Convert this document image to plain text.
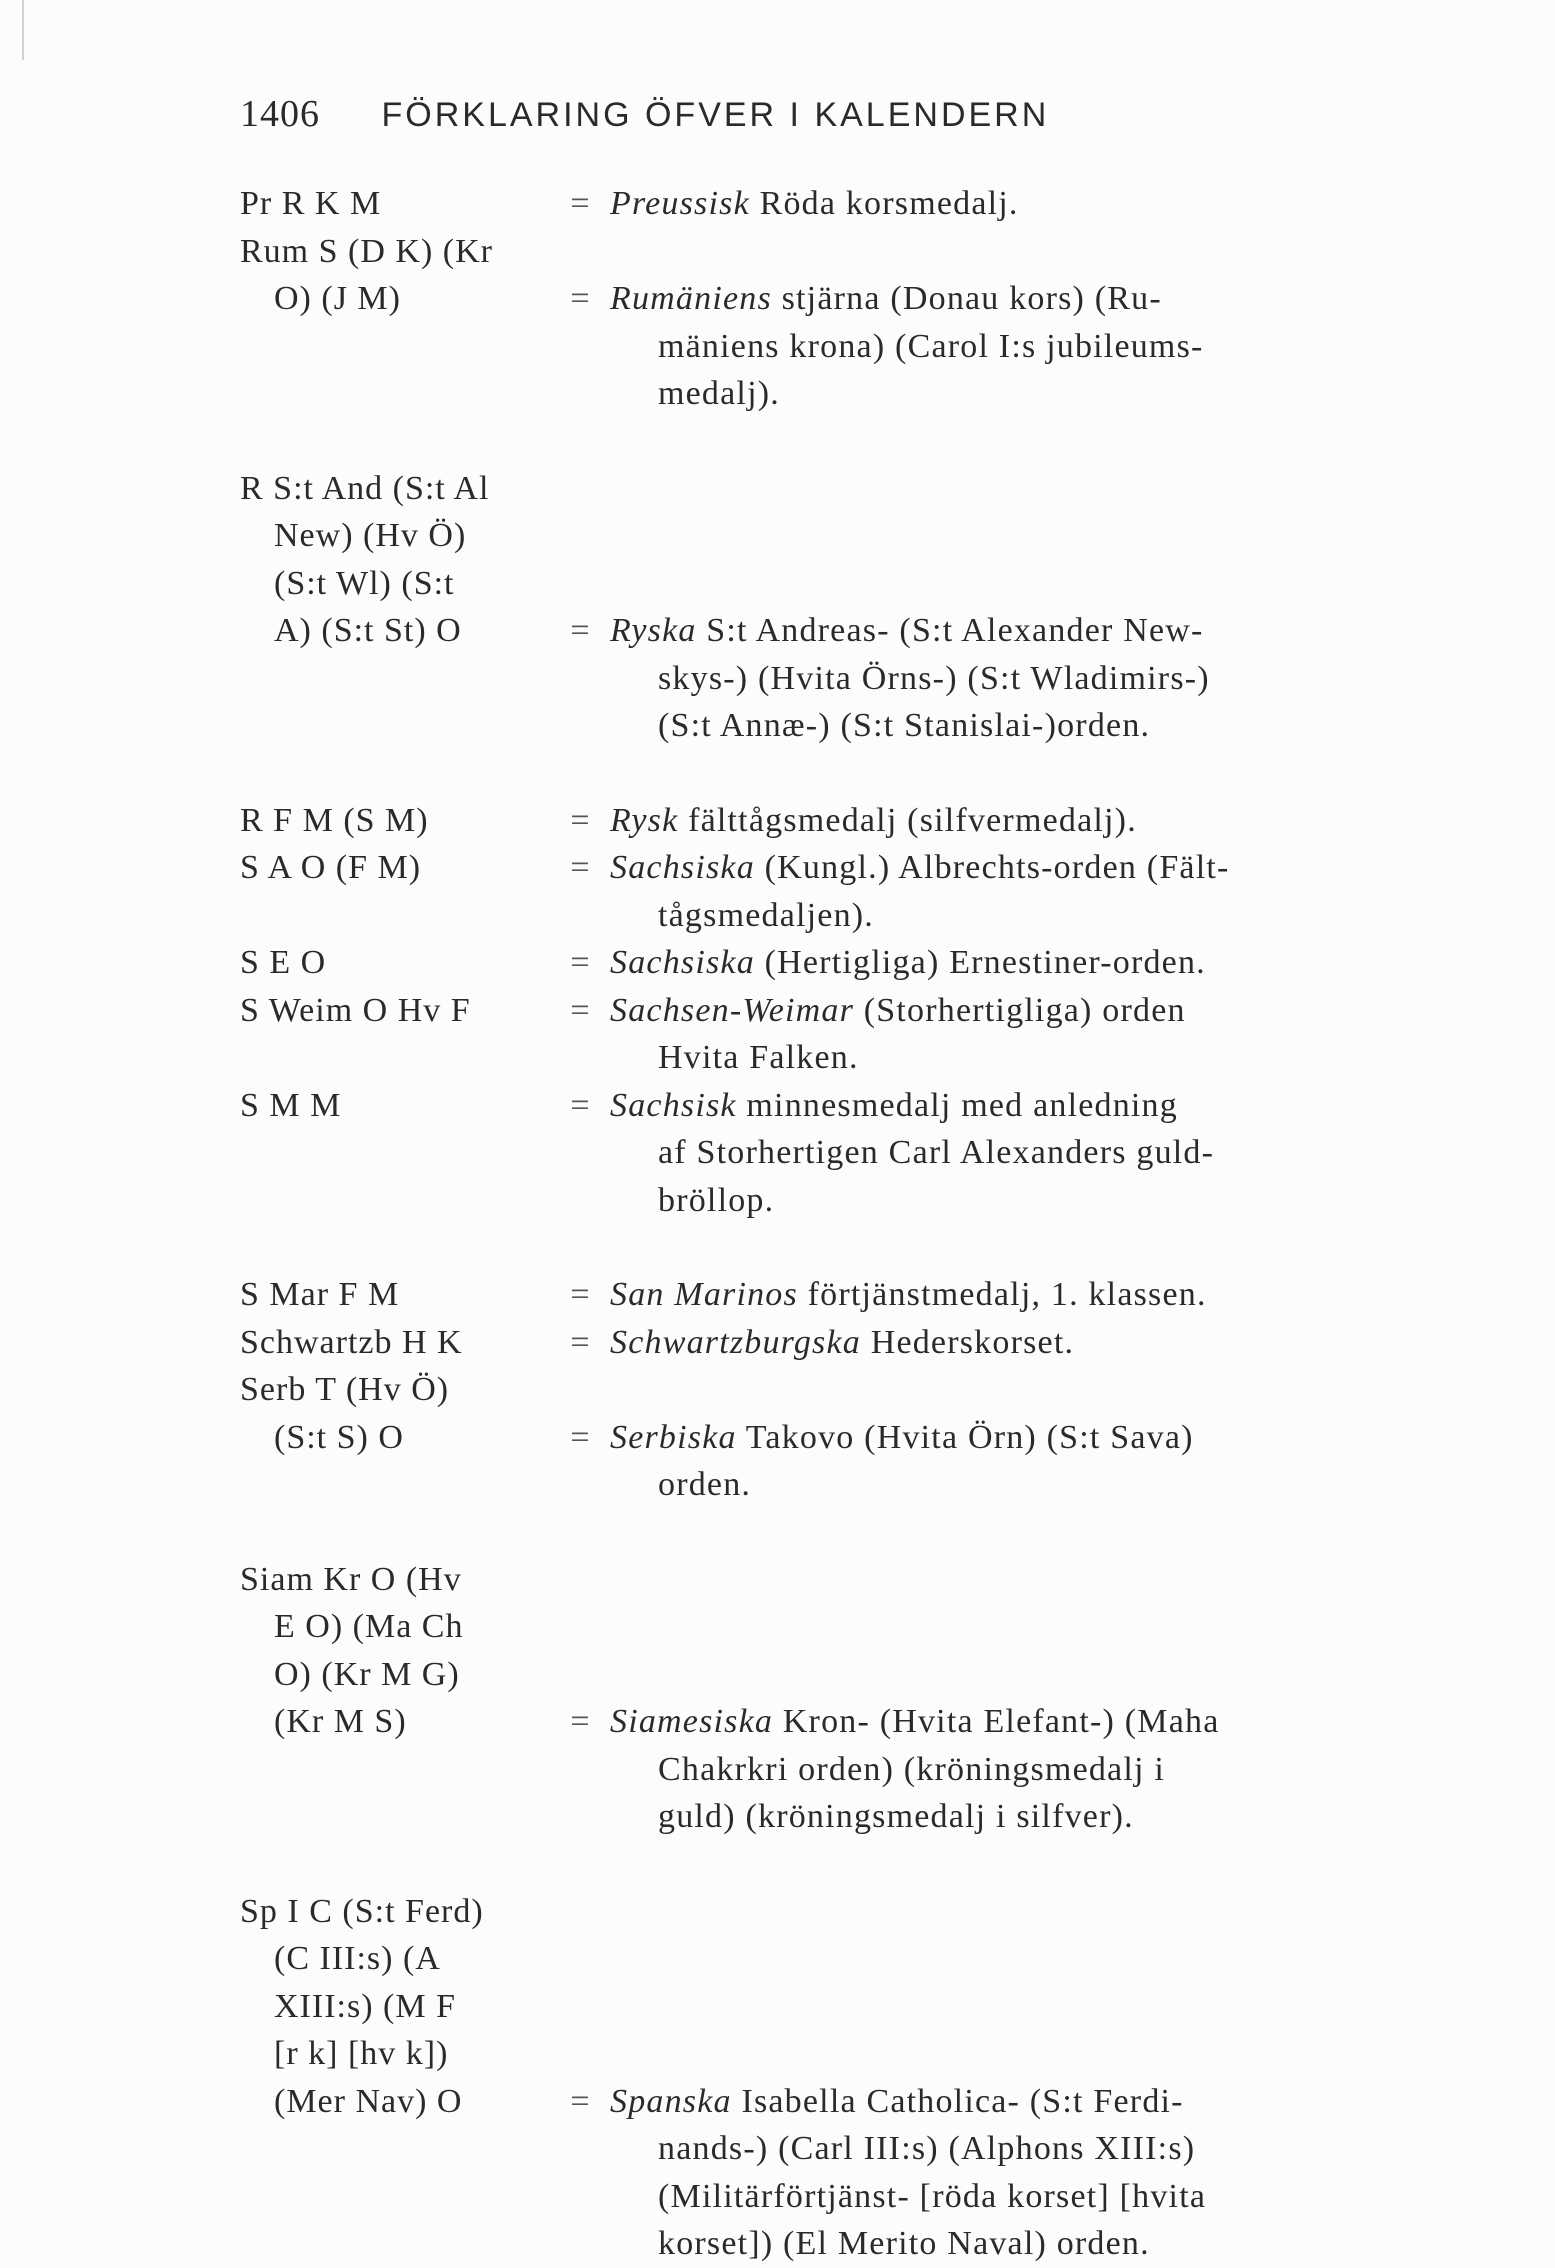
1406 FÖRKLARING ÖFVER I KALENDERN
Pr R K M	= Preussisk Röda korsmedalj.
Rum S (D K) (Kr
O) (J M)	= Rumäniens stjärna (Donau kors) (Ru-
mäniens krona) (Carol I:s jubileums-
medalj).
R S:t And (S:t Al
New) (Hv Ö)
(S:t Wl) (S:t
A) (S:t St) O	= Ryska S:t Andreas- (S:t Alexander New-
skys-) (Hvita Örns-) (S:t Wladimirs-)
(S:t Annæ-) (S:t Stanislai-)orden.
R F M (S M)	= Rysk fälttågsmedalj (silfvermedalj).
S A O (F M)	= Sachsiska (Kungl.) Albrechts-orden (Fält-
tågsmedaljen).
S E O	= Sachsiska (Hertigliga) Ernestiner-orden.
S Weim O Hv F	= Sachsen-Weimar (Storhertigliga) orden
Hvita Falken.
S M M	= Sachsisk minnesmedalj med anledning
af Storhertigen Carl Alexanders guld-
bröllop.
S Mar F M	= San Marinos förtjänstmedalj, 1. klassen.
Schwartzb H K	= Schwartzburgska Hederskorset.
Serb T (Hv Ö)
(S:t S) O	= Serbiska Takovo (Hvita Örn) (S:t Sava)
orden.
Siam Kr O (Hv
E O) (Ma Ch
O) (Kr M G)
(Kr M S)	= Siamesiska Kron- (Hvita Elefant-) (Maha
Chakrkri orden) (kröningsmedalj i
guld) (kröningsmedalj i silfver).
Sp I C (S:t Ferd)
(C III:s) (A
XIII:s) (M F
[r k] [hv k])
(Mer Nav) O	= Spanska Isabella Catholica- (S:t Ferdi-
nands-) (Carl III:s) (Alphons XIII:s)
(Militärförtjänst- [röda korset] [hvita
korset]) (El Merito Naval) orden.
